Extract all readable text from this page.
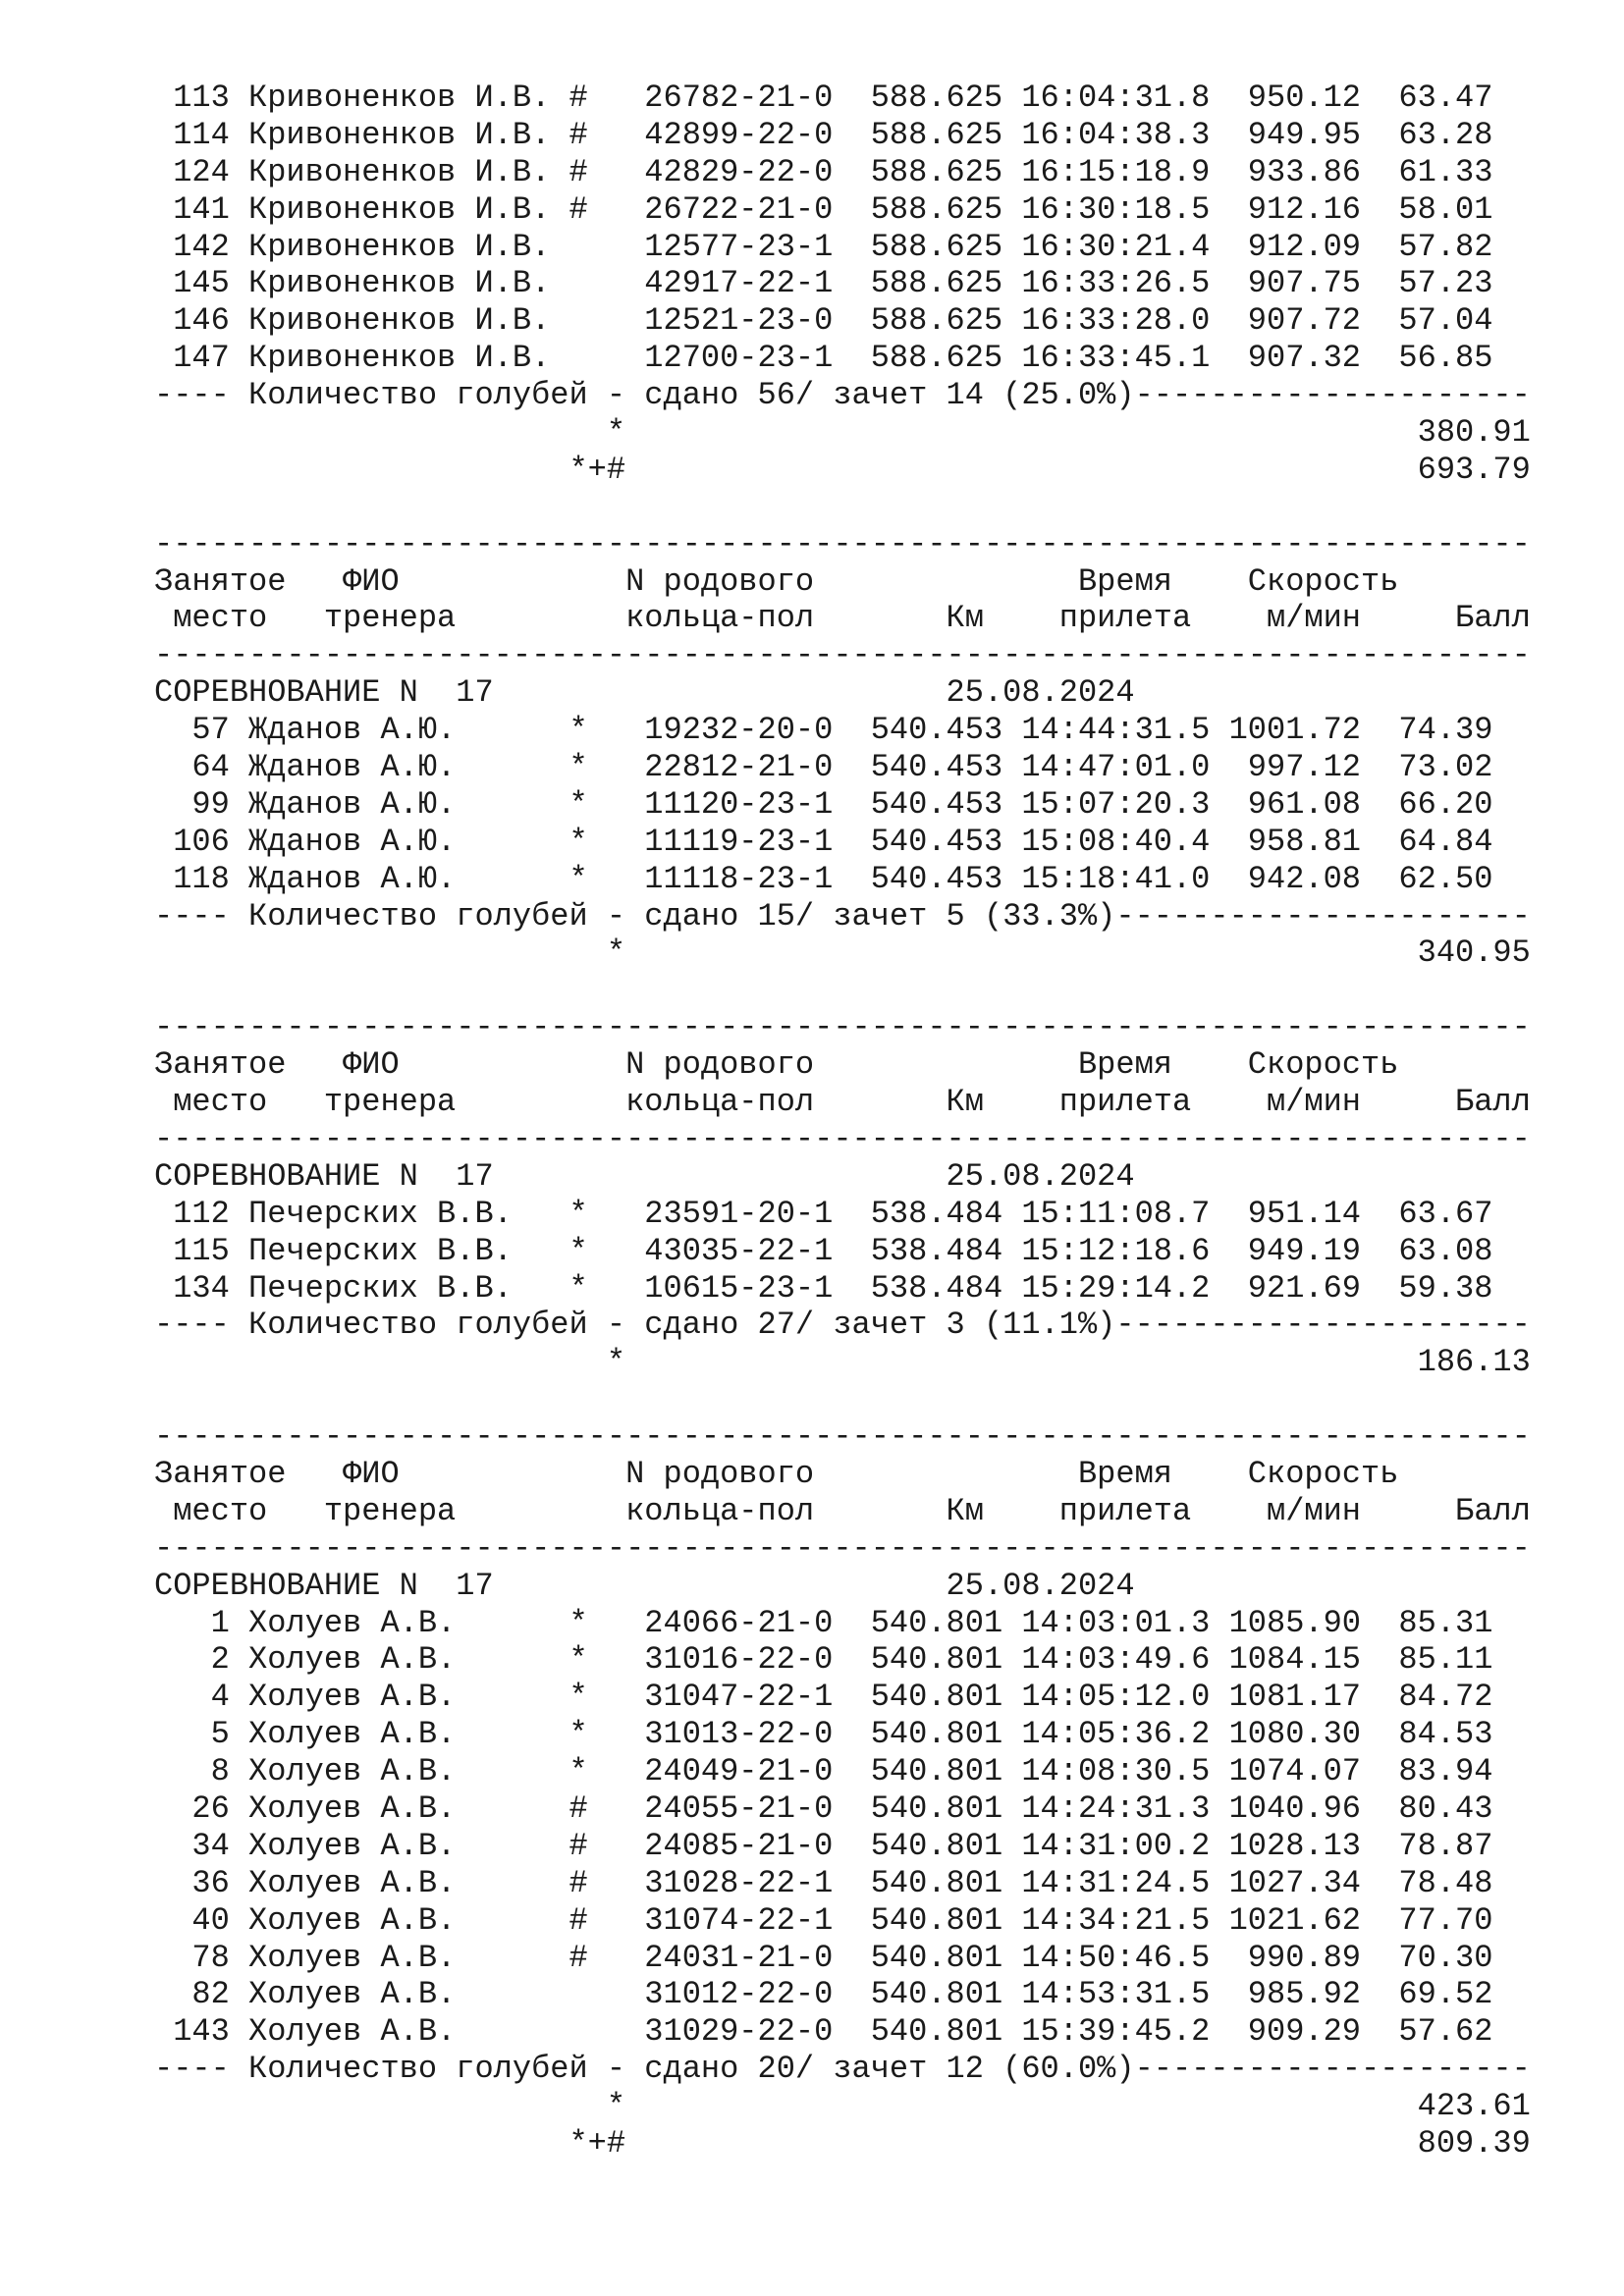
113 Кривоненков И.В. #   26782-21-0  588.625 16:04:31.8  950.12  63.47
114 Кривоненков И.В. #   42899-22-0  588.625 16:04:38.3  949.95  63.28
124 Кривоненков И.В. #   42829-22-0  588.625 16:15:18.9  933.86  61.33
141 Кривоненков И.В. #   26722-21-0  588.625 16:30:18.5  912.16  58.01
142 Кривоненков И.В.     12577-23-1  588.625 16:30:21.4  912.09  57.82
145 Кривоненков И.В.     42917-22-1  588.625 16:33:26.5  907.75  57.23
146 Кривоненков И.В.     12521-23-0  588.625 16:33:28.0  907.72  57.04
147 Кривоненков И.В.     12700-23-1  588.625 16:33:45.1  907.32  56.85
---- Количество голубей - сдано 56/ зачет 14 (25.0%)---------------------
*                                          380.91
*+#                                          693.79

-------------------------------------------------------------------------
Занятое   ФИО            N родового              Время    Скорость
место   тренера         кольца-пол       Км    прилета    м/мин     Балл
-------------------------------------------------------------------------
СОРЕВНОВАНИЕ N  17                        25.08.2024
57 Жданов А.Ю.      *   19232-20-0  540.453 14:44:31.5 1001.72  74.39
64 Жданов А.Ю.      *   22812-21-0  540.453 14:47:01.0  997.12  73.02
99 Жданов А.Ю.      *   11120-23-1  540.453 15:07:20.3  961.08  66.20
106 Жданов А.Ю.      *   11119-23-1  540.453 15:08:40.4  958.81  64.84
118 Жданов А.Ю.      *   11118-23-1  540.453 15:18:41.0  942.08  62.50
---- Количество голубей - сдано 15/ зачет 5 (33.3%)----------------------
*                                          340.95

-------------------------------------------------------------------------
Занятое   ФИО            N родового              Время    Скорость
место   тренера         кольца-пол       Км    прилета    м/мин     Балл
-------------------------------------------------------------------------
СОРЕВНОВАНИЕ N  17                        25.08.2024
112 Печерских В.В.   *   23591-20-1  538.484 15:11:08.7  951.14  63.67
115 Печерских В.В.   *   43035-22-1  538.484 15:12:18.6  949.19  63.08
134 Печерских В.В.   *   10615-23-1  538.484 15:29:14.2  921.69  59.38
---- Количество голубей - сдано 27/ зачет 3 (11.1%)----------------------
*                                          186.13

-------------------------------------------------------------------------
Занятое   ФИО            N родового              Время    Скорость
место   тренера         кольца-пол       Км    прилета    м/мин     Балл
-------------------------------------------------------------------------
СОРЕВНОВАНИЕ N  17                        25.08.2024
1 Холуев А.В.      *   24066-21-0  540.801 14:03:01.3 1085.90  85.31
2 Холуев А.В.      *   31016-22-0  540.801 14:03:49.6 1084.15  85.11
4 Холуев А.В.      *   31047-22-1  540.801 14:05:12.0 1081.17  84.72
5 Холуев А.В.      *   31013-22-0  540.801 14:05:36.2 1080.30  84.53
8 Холуев А.В.      *   24049-21-0  540.801 14:08:30.5 1074.07  83.94
26 Холуев А.В.      #   24055-21-0  540.801 14:24:31.3 1040.96  80.43
34 Холуев А.В.      #   24085-21-0  540.801 14:31:00.2 1028.13  78.87
36 Холуев А.В.      #   31028-22-1  540.801 14:31:24.5 1027.34  78.48
40 Холуев А.В.      #   31074-22-1  540.801 14:34:21.5 1021.62  77.70
78 Холуев А.В.      #   24031-21-0  540.801 14:50:46.5  990.89  70.30
82 Холуев А.В.          31012-22-0  540.801 14:53:31.5  985.92  69.52
143 Холуев А.В.          31029-22-0  540.801 15:39:45.2  909.29  57.62
---- Количество голубей - сдано 20/ зачет 12 (60.0%)---------------------
*                                          423.61
*+#                                          809.39
